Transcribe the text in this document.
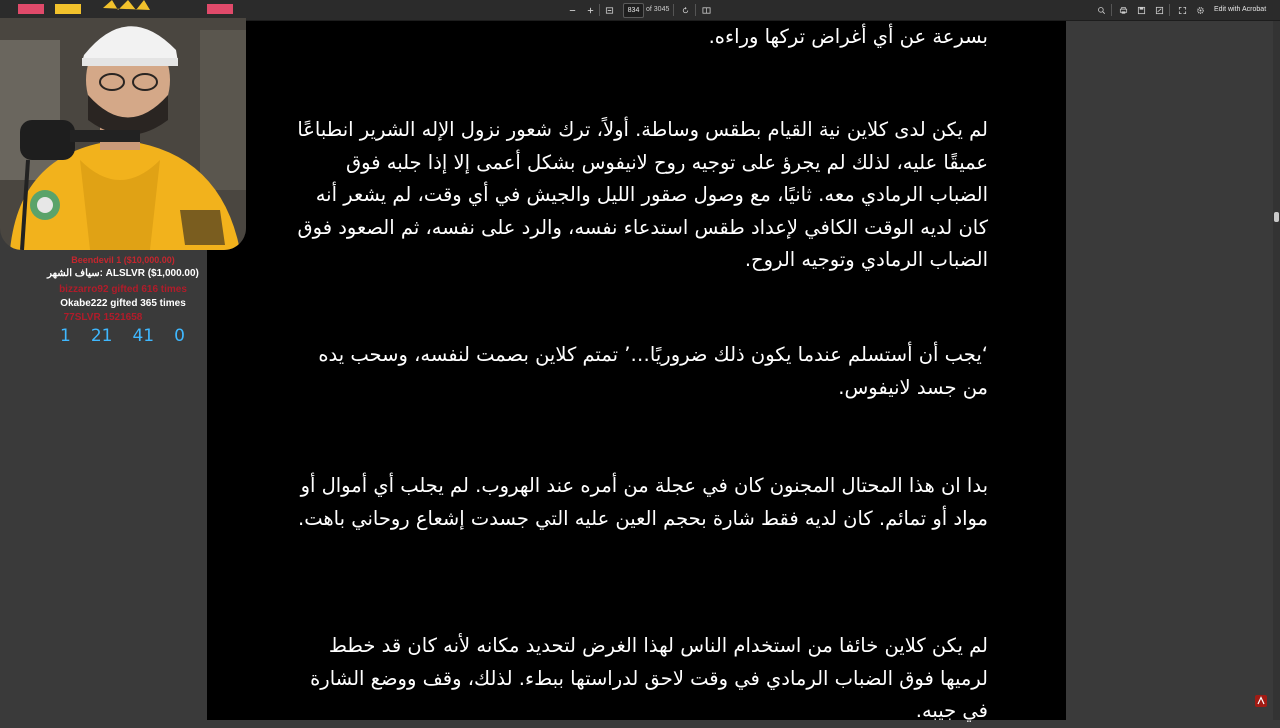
834 of 3045	Edit with Acrobat
بسرعة عن أي أغراض تركها وراءه.
لم يكن لدى كلاين نية القيام بطقس وساطة. أولاً، ترك شعور نزول الإله الشرير انطباعًا عميقًا عليه، لذلك لم يجرؤ على توجيه روح لانيفوس بشكل أعمى إلا إذا جلبه فوق الضباب الرمادي معه. ثانيًا، مع وصول صقور الليل والجيش في أي وقت، لم يشعر أنه كان لديه الوقت الكافي لإعداد طقس استدعاء نفسه، والرد على نفسه، ثم الصعود فوق الضباب الرمادي وتوجيه الروح.
‘يجب أن أستسلم عندما يكون ذلك ضروريًا…’ تمتم كلاين بصمت لنفسه، وسحب يده من جسد لانيفوس.
بدا ان هذا المحتال المجنون كان في عجلة من أمره عند الهروب. لم يجلب أي أموال أو مواد أو تمائم. كان لديه فقط شارة بحجم العين عليه التي جسدت إشعاع روحاني باهت.
لم يكن كلاين خائفا من استخدام الناس لهذا الغرض لتحديد مكانه لأنه كان قد خطط لرميها فوق الضباب الرمادي في وقت لاحق لدراستها ببطء. لذلك، وقف ووضع الشارة في جيبه.
Beendevil 1 ($10,000.00)
سياف الشهر: ALSLVR ($1,000.00)
bizzarro92 gifted 616 times
Okabe222 gifted 365 times
77SLVR 1521658
1 21 41 0
